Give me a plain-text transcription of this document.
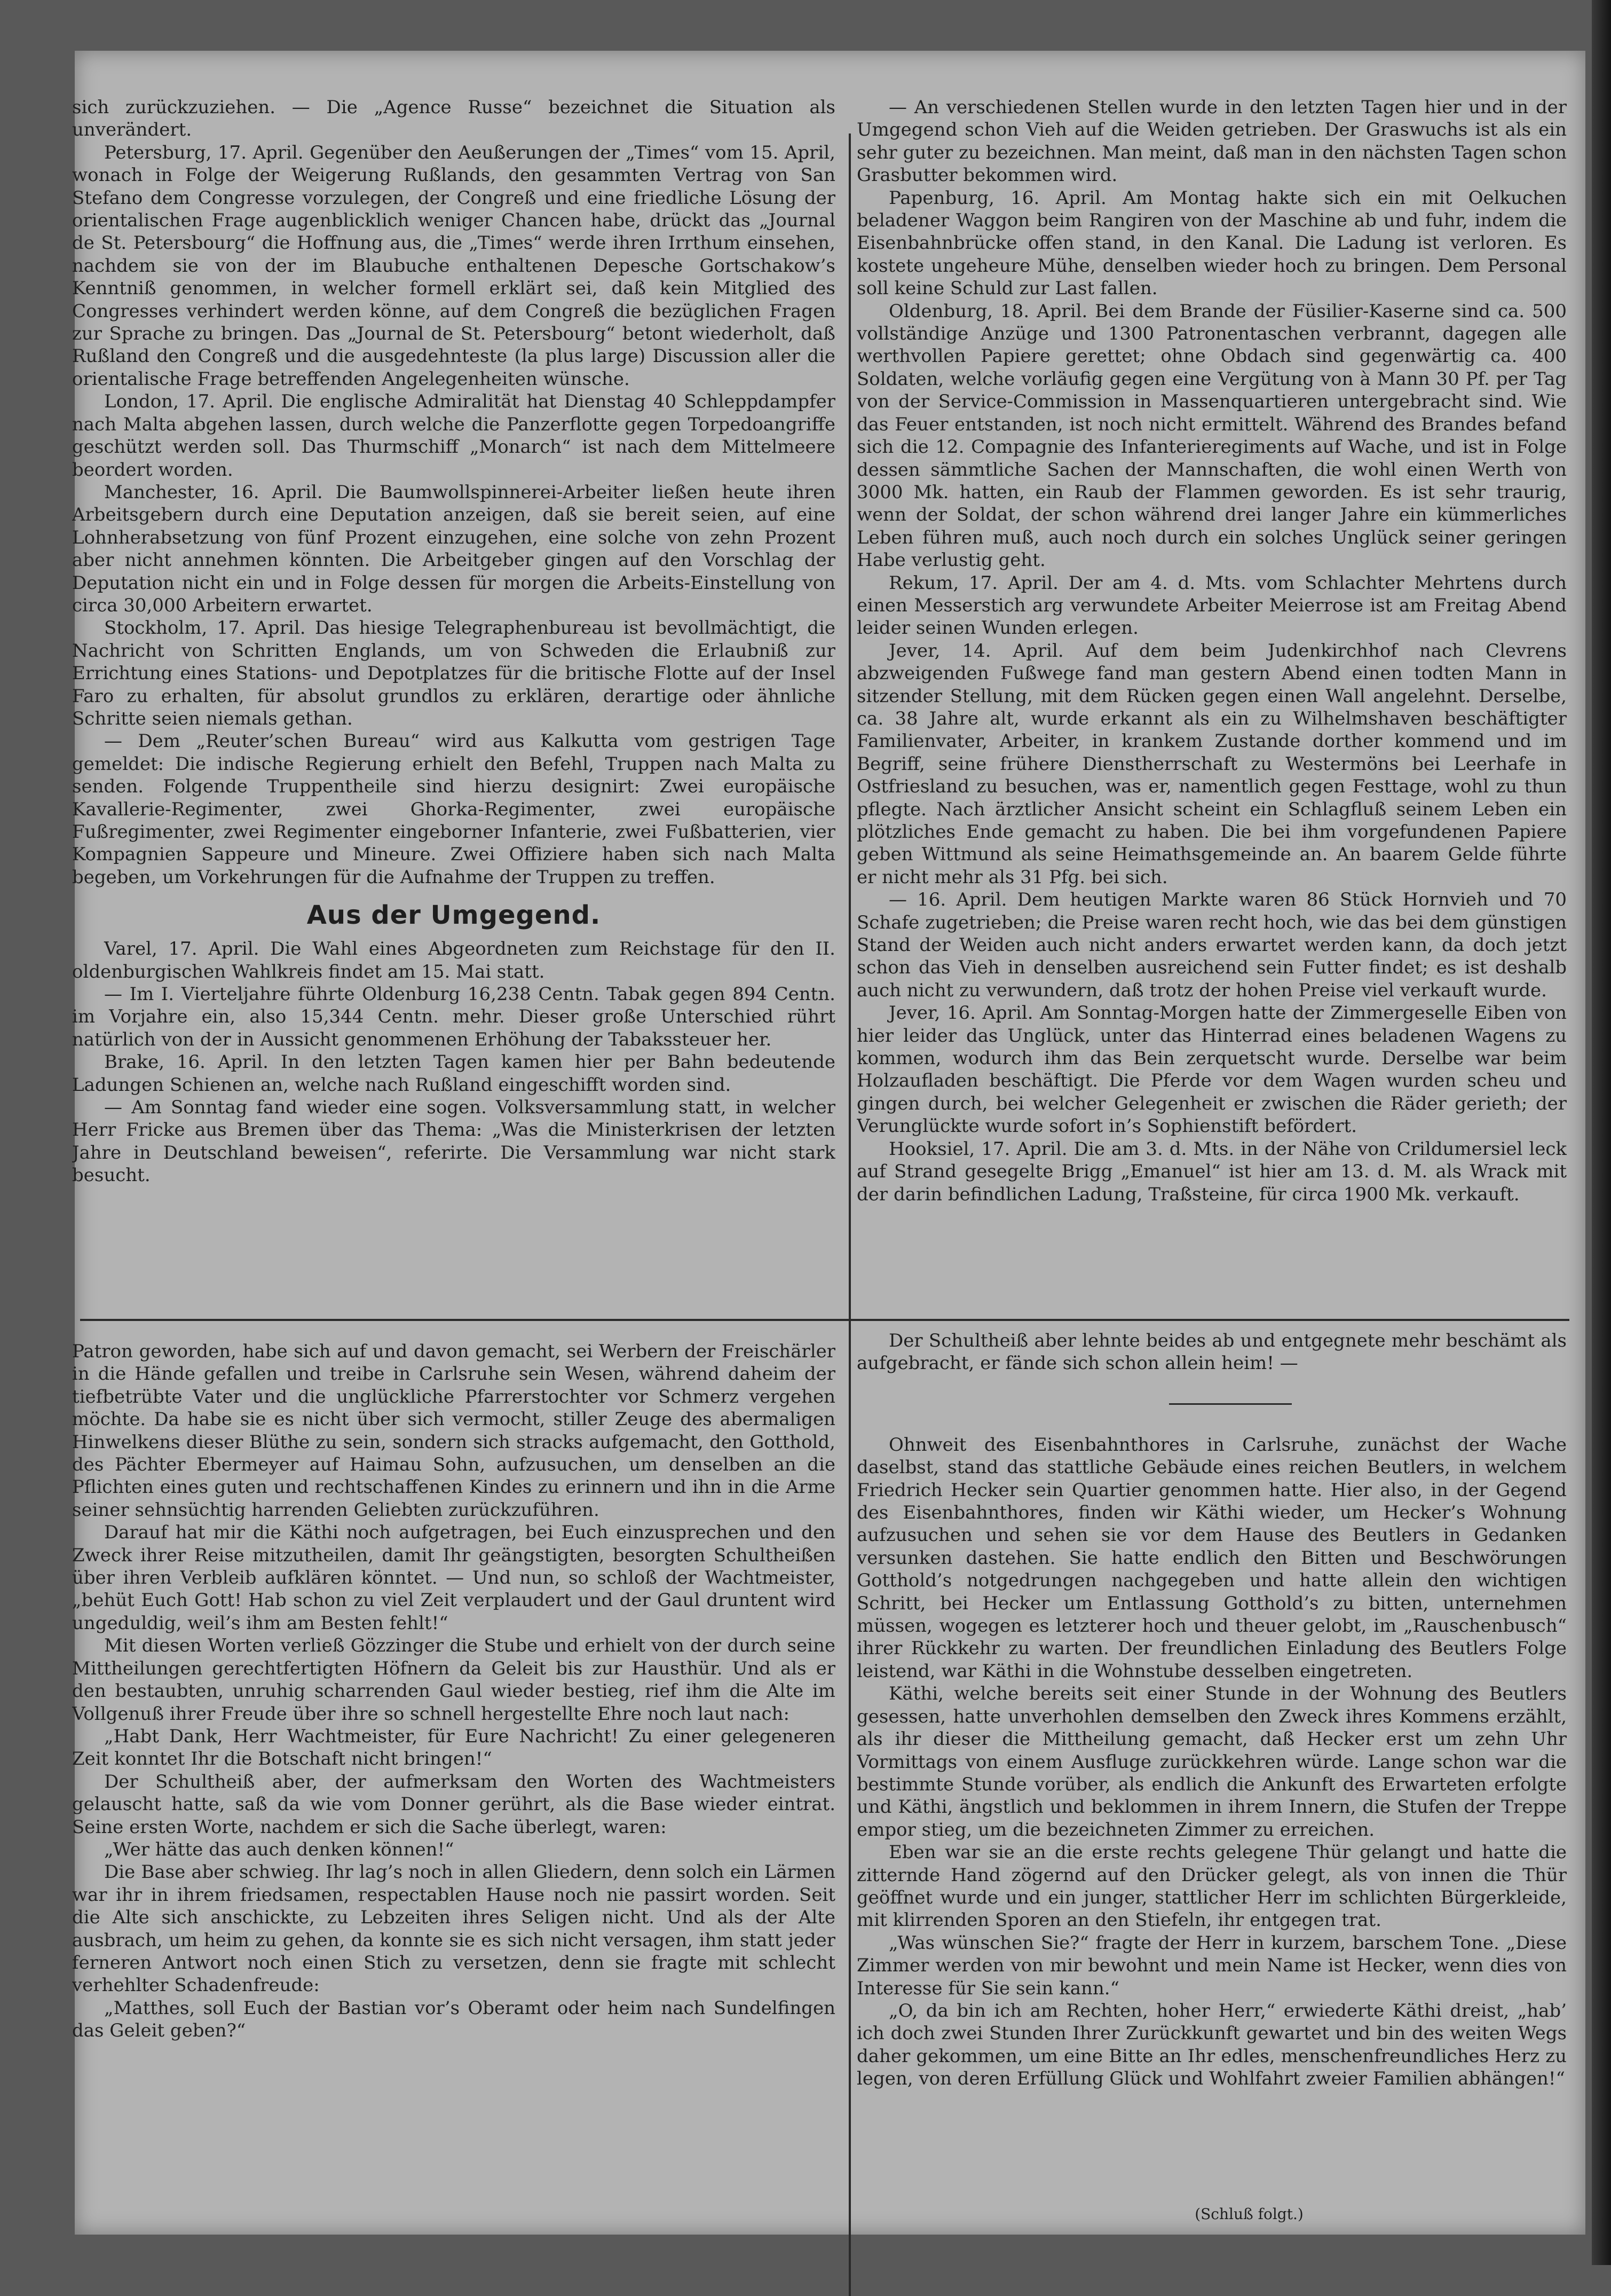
sich zurückzuziehen. — Die „Agence Russe“ bezeichnet die Situation als unverändert.

Petersburg, 17. April. Gegenüber den Aeußerungen der „Times“ vom 15. April, wonach in Folge der Weigerung Rußlands, den gesammten Vertrag von San Stefano dem Congresse vorzulegen, der Congreß und eine friedliche Lösung der orientalischen Frage augenblicklich weniger Chancen habe, drückt das „Journal de St. Petersbourg“ die Hoffnung aus, die „Times“ werde ihren Irrthum einsehen, nachdem sie von der im Blaubuche enthaltenen Depesche Gortschakow’s Kenntniß genommen, in welcher formell erklärt sei, daß kein Mitglied des Congresses verhindert werden könne, auf dem Congreß die bezüglichen Fragen zur Sprache zu bringen. Das „Journal de St. Petersbourg“ betont wiederholt, daß Rußland den Congreß und die ausgedehnteste (la plus large) Discussion aller die orientalische Frage betreffenden Angelegenheiten wünsche.

London, 17. April. Die englische Admiralität hat Dienstag 40 Schleppdampfer nach Malta abgehen lassen, durch welche die Panzerflotte gegen Torpedoangriffe geschützt werden soll. Das Thurmschiff „Monarch“ ist nach dem Mittelmeere beordert worden.

Manchester, 16. April. Die Baumwollspinnerei-Arbeiter ließen heute ihren Arbeitsgebern durch eine Deputation anzeigen, daß sie bereit seien, auf eine Lohnherabsetzung von fünf Prozent einzugehen, eine solche von zehn Prozent aber nicht annehmen könnten. Die Arbeitgeber gingen auf den Vorschlag der Deputation nicht ein und in Folge dessen für morgen die Arbeits-Einstellung von circa 30,000 Arbeitern erwartet.

Stockholm, 17. April. Das hiesige Telegraphenbureau ist bevollmächtigt, die Nachricht von Schritten Englands, um von Schweden die Erlaubniß zur Errichtung eines Stations- und Depotplatzes für die britische Flotte auf der Insel Faro zu erhalten, für absolut grundlos zu erklären, derartige oder ähnliche Schritte seien niemals gethan.

— Dem „Reuter’schen Bureau“ wird aus Kalkutta vom gestrigen Tage gemeldet: Die indische Regierung erhielt den Befehl, Truppen nach Malta zu senden. Folgende Truppentheile sind hierzu designirt: Zwei europäische Kavallerie-Regimenter, zwei Ghorka-Regimenter, zwei europäische Fußregimenter, zwei Regimenter eingeborner Infanterie, zwei Fußbatterien, vier Kompagnien Sappeure und Mineure. Zwei Offiziere haben sich nach Malta begeben, um Vorkehrungen für die Aufnahme der Truppen zu treffen.

Aus der Umgegend.

Varel, 17. April. Die Wahl eines Abgeordneten zum Reichstage für den II. oldenburgischen Wahlkreis findet am 15. Mai statt.

— Im I. Vierteljahre führte Oldenburg 16,238 Centn. Tabak gegen 894 Centn. im Vorjahre ein, also 15,344 Centn. mehr. Dieser große Unterschied rührt natürlich von der in Aussicht genommenen Erhöhung der Tabakssteuer her.

Brake, 16. April. In den letzten Tagen kamen hier per Bahn bedeutende Ladungen Schienen an, welche nach Rußland eingeschifft worden sind.

— Am Sonntag fand wieder eine sogen. Volksversammlung statt, in welcher Herr Fricke aus Bremen über das Thema: „Was die Ministerkrisen der letzten Jahre in Deutschland beweisen“, referirte. Die Versammlung war nicht stark besucht.

— An verschiedenen Stellen wurde in den letzten Tagen hier und in der Umgegend schon Vieh auf die Weiden getrieben. Der Graswuchs ist als ein sehr guter zu bezeichnen. Man meint, daß man in den nächsten Tagen schon Grasbutter bekommen wird.

Papenburg, 16. April. Am Montag hakte sich ein mit Oelkuchen beladener Waggon beim Rangiren von der Maschine ab und fuhr, indem die Eisenbahnbrücke offen stand, in den Kanal. Die Ladung ist verloren. Es kostete ungeheure Mühe, denselben wieder hoch zu bringen. Dem Personal soll keine Schuld zur Last fallen.

Oldenburg, 18. April. Bei dem Brande der Füsilier-Kaserne sind ca. 500 vollständige Anzüge und 1300 Patronentaschen verbrannt, dagegen alle werthvollen Papiere gerettet; ohne Obdach sind gegenwärtig ca. 400 Soldaten, welche vorläufig gegen eine Vergütung von à Mann 30 Pf. per Tag von der Service-Commission in Massenquartieren untergebracht sind. Wie das Feuer entstanden, ist noch nicht ermittelt. Während des Brandes befand sich die 12. Compagnie des Infanterieregiments auf Wache, und ist in Folge dessen sämmtliche Sachen der Mannschaften, die wohl einen Werth von 3000 Mk. hatten, ein Raub der Flammen geworden. Es ist sehr traurig, wenn der Soldat, der schon während drei langer Jahre ein kümmerliches Leben führen muß, auch noch durch ein solches Unglück seiner geringen Habe verlustig geht.

Rekum, 17. April. Der am 4. d. Mts. vom Schlachter Mehrtens durch einen Messerstich arg verwundete Arbeiter Meierrose ist am Freitag Abend leider seinen Wunden erlegen.

Jever, 14. April. Auf dem beim Judenkirchhof nach Clevrens abzweigenden Fußwege fand man gestern Abend einen todten Mann in sitzender Stellung, mit dem Rücken gegen einen Wall angelehnt. Derselbe, ca. 38 Jahre alt, wurde erkannt als ein zu Wilhelmshaven beschäftigter Familienvater, Arbeiter, in krankem Zustande dorther kommend und im Begriff, seine frühere Dienstherrschaft zu Westermöns bei Leerhafe in Ostfriesland zu besuchen, was er, namentlich gegen Festtage, wohl zu thun pflegte. Nach ärztlicher Ansicht scheint ein Schlagfluß seinem Leben ein plötzliches Ende gemacht zu haben. Die bei ihm vorgefundenen Papiere geben Wittmund als seine Heimathsgemeinde an. An baarem Gelde führte er nicht mehr als 31 Pfg. bei sich.

— 16. April. Dem heutigen Markte waren 86 Stück Hornvieh und 70 Schafe zugetrieben; die Preise waren recht hoch, wie das bei dem günstigen Stand der Weiden auch nicht anders erwartet werden kann, da doch jetzt schon das Vieh in denselben ausreichend sein Futter findet; es ist deshalb auch nicht zu verwundern, daß trotz der hohen Preise viel verkauft wurde.

Jever, 16. April. Am Sonntag-Morgen hatte der Zimmergeselle Eiben von hier leider das Unglück, unter das Hinterrad eines beladenen Wagens zu kommen, wodurch ihm das Bein zerquetscht wurde. Derselbe war beim Holzaufladen beschäftigt. Die Pferde vor dem Wagen wurden scheu und gingen durch, bei welcher Gelegenheit er zwischen die Räder gerieth; der Verunglückte wurde sofort in’s Sophienstift befördert.

Hooksiel, 17. April. Die am 3. d. Mts. in der Nähe von Crildumersiel leck auf Strand gesegelte Brigg „Emanuel“ ist hier am 13. d. M. als Wrack mit der darin befindlichen Ladung, Traßsteine, für circa 1900 Mk. verkauft.

Patron geworden, habe sich auf und davon gemacht, sei Werbern der Freischärler in die Hände gefallen und treibe in Carlsruhe sein Wesen, während daheim der tiefbetrübte Vater und die unglückliche Pfarrerstochter vor Schmerz vergehen möchte. Da habe sie es nicht über sich vermocht, stiller Zeuge des abermaligen Hinwelkens dieser Blüthe zu sein, sondern sich stracks aufgemacht, den Gotthold, des Pächter Ebermeyer auf Haimau Sohn, aufzusuchen, um denselben an die Pflichten eines guten und rechtschaffenen Kindes zu erinnern und ihn in die Arme seiner sehnsüchtig harrenden Geliebten zurückzuführen.

Darauf hat mir die Käthi noch aufgetragen, bei Euch einzusprechen und den Zweck ihrer Reise mitzutheilen, damit Ihr geängstigten, besorgten Schultheißen über ihren Verbleib aufklären könntet. — Und nun, so schloß der Wachtmeister, „behüt Euch Gott! Hab schon zu viel Zeit verplaudert und der Gaul druntent wird ungeduldig, weil’s ihm am Besten fehlt!“

Mit diesen Worten verließ Gözzinger die Stube und erhielt von der durch seine Mittheilungen gerechtfertigten Höfnern da Geleit bis zur Hausthür. Und als er den bestaubten, unruhig scharrenden Gaul wieder bestieg, rief ihm die Alte im Vollgenuß ihrer Freude über ihre so schnell hergestellte Ehre noch laut nach:

„Habt Dank, Herr Wachtmeister, für Eure Nachricht! Zu einer gelegeneren Zeit konntet Ihr die Botschaft nicht bringen!“

Der Schultheiß aber, der aufmerksam den Worten des Wachtmeisters gelauscht hatte, saß da wie vom Donner gerührt, als die Base wieder eintrat. Seine ersten Worte, nachdem er sich die Sache überlegt, waren:

„Wer hätte das auch denken können!“

Die Base aber schwieg. Ihr lag’s noch in allen Gliedern, denn solch ein Lärmen war ihr in ihrem friedsamen, respectablen Hause noch nie passirt worden. Seit die Alte sich anschickte, zu Lebzeiten ihres Seligen nicht. Und als der Alte ausbrach, um heim zu gehen, da konnte sie es sich nicht versagen, ihm statt jeder ferneren Antwort noch einen Stich zu versetzen, denn sie fragte mit schlecht verhehlter Schadenfreude:

„Matthes, soll Euch der Bastian vor’s Oberamt oder heim nach Sundelfingen das Geleit geben?“

Der Schultheiß aber lehnte beides ab und entgegnete mehr beschämt als aufgebracht, er fände sich schon allein heim! —

Ohnweit des Eisenbahnthores in Carlsruhe, zunächst der Wache daselbst, stand das stattliche Gebäude eines reichen Beutlers, in welchem Friedrich Hecker sein Quartier genommen hatte. Hier also, in der Gegend des Eisenbahnthores, finden wir Käthi wieder, um Hecker’s Wohnung aufzusuchen und sehen sie vor dem Hause des Beutlers in Gedanken versunken dastehen. Sie hatte endlich den Bitten und Beschwörungen Gotthold’s notgedrungen nachgegeben und hatte allein den wichtigen Schritt, bei Hecker um Entlassung Gotthold’s zu bitten, unternehmen müssen, wogegen es letzterer hoch und theuer gelobt, im „Rauschenbusch“ ihrer Rückkehr zu warten. Der freundlichen Einladung des Beutlers Folge leistend, war Käthi in die Wohnstube desselben eingetreten.

Käthi, welche bereits seit einer Stunde in der Wohnung des Beutlers gesessen, hatte unverhohlen demselben den Zweck ihres Kommens erzählt, als ihr dieser die Mittheilung gemacht, daß Hecker erst um zehn Uhr Vormittags von einem Ausfluge zurückkehren würde. Lange schon war die bestimmte Stunde vorüber, als endlich die Ankunft des Erwarteten erfolgte und Käthi, ängstlich und beklommen in ihrem Innern, die Stufen der Treppe empor stieg, um die bezeichneten Zimmer zu erreichen.

Eben war sie an die erste rechts gelegene Thür gelangt und hatte die zitternde Hand zögernd auf den Drücker gelegt, als von innen die Thür geöffnet wurde und ein junger, stattlicher Herr im schlichten Bürgerkleide, mit klirrenden Sporen an den Stiefeln, ihr entgegen trat.

„Was wünschen Sie?“ fragte der Herr in kurzem, barschem Tone. „Diese Zimmer werden von mir bewohnt und mein Name ist Hecker, wenn dies von Interesse für Sie sein kann.“

„O, da bin ich am Rechten, hoher Herr,“ erwiederte Käthi dreist, „hab’ ich doch zwei Stunden Ihrer Zurückkunft gewartet und bin des weiten Wegs daher gekommen, um eine Bitte an Ihr edles, menschenfreundliches Herz zu legen, von deren Erfüllung Glück und Wohlfahrt zweier Familien abhängen!“

(Schluß folgt.)
